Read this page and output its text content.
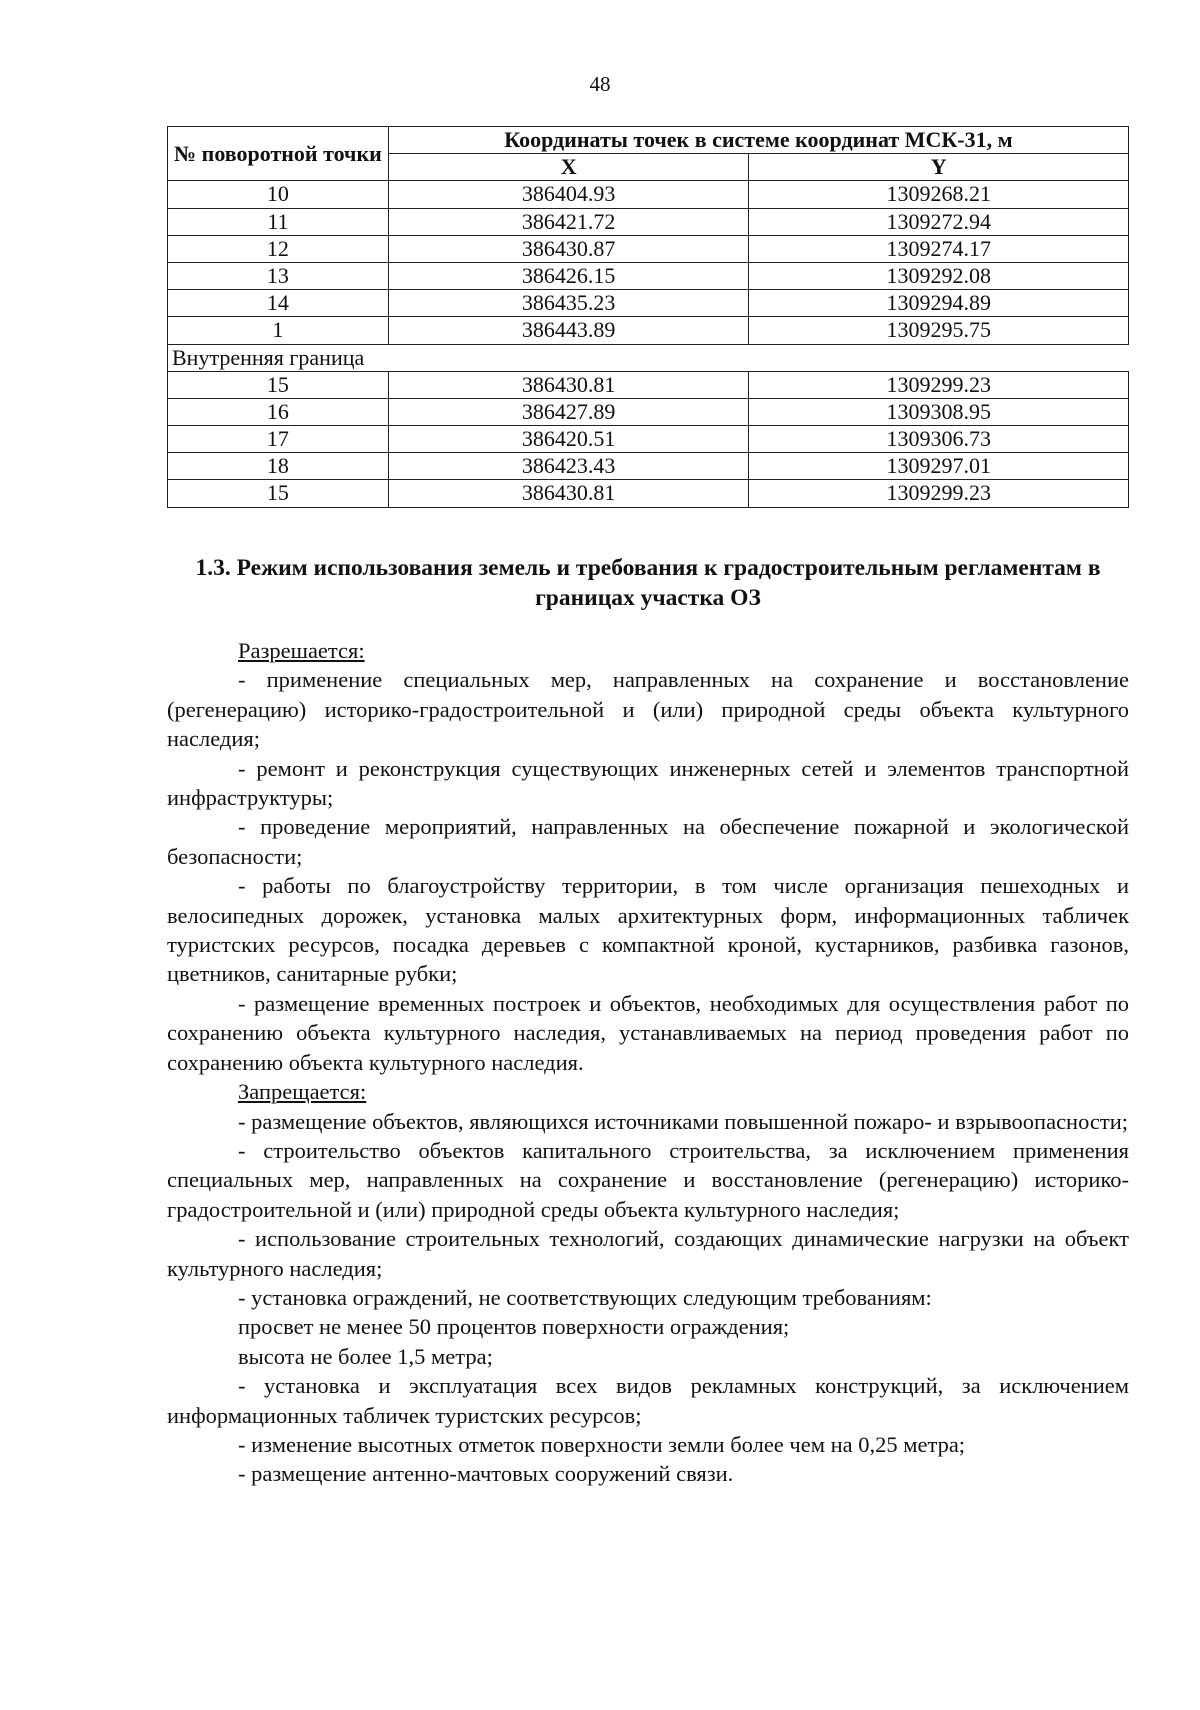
48
№ поворотной точки	Координаты точек в системе координат МСК-31, м	
	X	Y
10	386404.93	1309268.21
11	386421.72	1309272.94
12	386430.87	1309274.17
13	386426.15	1309292.08
14	386435.23	1309294.89
1	386443.89	1309295.75
Внутренняя граница		
15	386430.81	1309299.23
16	386427.89	1309308.95
17	386420.51	1309306.73
18	386423.43	1309297.01
15	386430.81	1309299.23
1.3. Режим использования земель и требования к градостроительным регламентам в границах участка ОЗ

Разрешается:

- применение специальных мер, направленных на сохранение и восстановление (регенерацию) историко-градостроительной и (или) природной среды объекта культурного наследия;

- ремонт и реконструкция существующих инженерных сетей и элементов транспортной инфраструктуры;

- проведение мероприятий, направленных на обеспечение пожарной и экологической безопасности;

- работы по благоустройству территории, в том числе организация пешеходных и велосипедных дорожек, установка малых архитектурных форм, информационных табличек туристских ресурсов, посадка деревьев с компактной кроной, кустарников, разбивка газонов, цветников, санитарные рубки;

- размещение временных построек и объектов, необходимых для осуществления работ по сохранению объекта культурного наследия, устанавливаемых на период проведения работ по сохранению объекта культурного наследия.

Запрещается:

- размещение объектов, являющихся источниками повышенной пожаро- и взрывоопасности;

- строительство объектов капитального строительства, за исключением применения специальных мер, направленных на сохранение и восстановление (регенерацию) историко-градостроительной и (или) природной среды объекта культурного наследия;

- использование строительных технологий, создающих динамические нагрузки на объект культурного наследия;

- установка ограждений, не соответствующих следующим требованиям:

просвет не менее 50 процентов поверхности ограждения;

высота не более 1,5 метра;

- установка и эксплуатация всех видов рекламных конструкций, за исключением информационных табличек туристских ресурсов;

- изменение высотных отметок поверхности земли более чем на 0,25 метра;

- размещение антенно-мачтовых сооружений связи.
